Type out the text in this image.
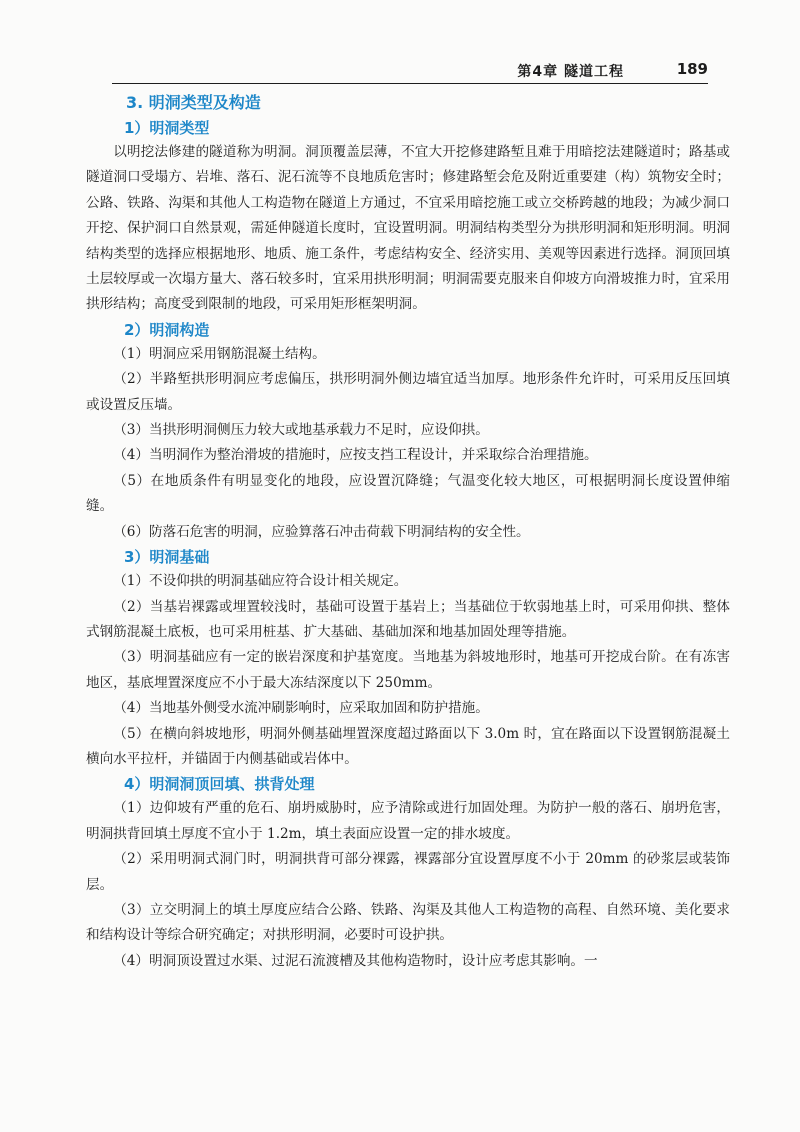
第4章 隧道工程	189
3. 明洞类型及构造
1）明洞类型

以明挖法修建的隧道称为明洞。洞顶覆盖层薄，不宜大开挖修建路堑且难于用暗挖法建隧道时；路基或隧道洞口受塌方、岩堆、落石、泥石流等不良地质危害时；修建路堑会危及附近重要建（构）筑物安全时；公路、铁路、沟渠和其他人工构造物在隧道上方通过，不宜采用暗挖施工或立交桥跨越的地段；为减少洞口开挖、保护洞口自然景观，需延伸隧道长度时，宜设置明洞。明洞结构类型分为拱形明洞和矩形明洞。明洞结构类型的选择应根据地形、地质、施工条件，考虑结构安全、经济实用、美观等因素进行选择。洞顶回填土层较厚或一次塌方量大、落石较多时，宜采用拱形明洞；明洞需要克服来自仰坡方向滑坡推力时，宜采用拱形结构；高度受到限制的地段，可采用矩形框架明洞。

2）明洞构造

（1）明洞应采用钢筋混凝土结构。

（2）半路堑拱形明洞应考虑偏压，拱形明洞外侧边墙宜适当加厚。地形条件允许时，可采用反压回填或设置反压墙。

（3）当拱形明洞侧压力较大或地基承载力不足时，应设仰拱。

（4）当明洞作为整治滑坡的措施时，应按支挡工程设计，并采取综合治理措施。

（5）在地质条件有明显变化的地段，应设置沉降缝；气温变化较大地区，可根据明洞长度设置伸缩缝。

（6）防落石危害的明洞，应验算落石冲击荷载下明洞结构的安全性。

3）明洞基础

（1）不设仰拱的明洞基础应符合设计相关规定。

（2）当基岩裸露或埋置较浅时，基础可设置于基岩上；当基础位于软弱地基上时，可采用仰拱、整体式钢筋混凝土底板，也可采用桩基、扩大基础、基础加深和地基加固处理等措施。

（3）明洞基础应有一定的嵌岩深度和护基宽度。当地基为斜坡地形时，地基可开挖成台阶。在有冻害地区，基底埋置深度应不小于最大冻结深度以下 250mm。

（4）当地基外侧受水流冲刷影响时，应采取加固和防护措施。

（5）在横向斜坡地形，明洞外侧基础埋置深度超过路面以下 3.0m 时，宜在路面以下设置钢筋混凝土横向水平拉杆，并锚固于内侧基础或岩体中。

4）明洞洞顶回填、拱背处理

（1）边仰坡有严重的危石、崩坍威胁时，应予清除或进行加固处理。为防护一般的落石、崩坍危害，明洞拱背回填土厚度不宜小于 1.2m，填土表面应设置一定的排水坡度。

（2）采用明洞式洞门时，明洞拱背可部分裸露，裸露部分宜设置厚度不小于 20mm 的砂浆层或装饰层。

（3）立交明洞上的填土厚度应结合公路、铁路、沟渠及其他人工构造物的高程、自然环境、美化要求和结构设计等综合研究确定；对拱形明洞，必要时可设护拱。

（4）明洞顶设置过水渠、过泥石流渡槽及其他构造物时，设计应考虑其影响。一
